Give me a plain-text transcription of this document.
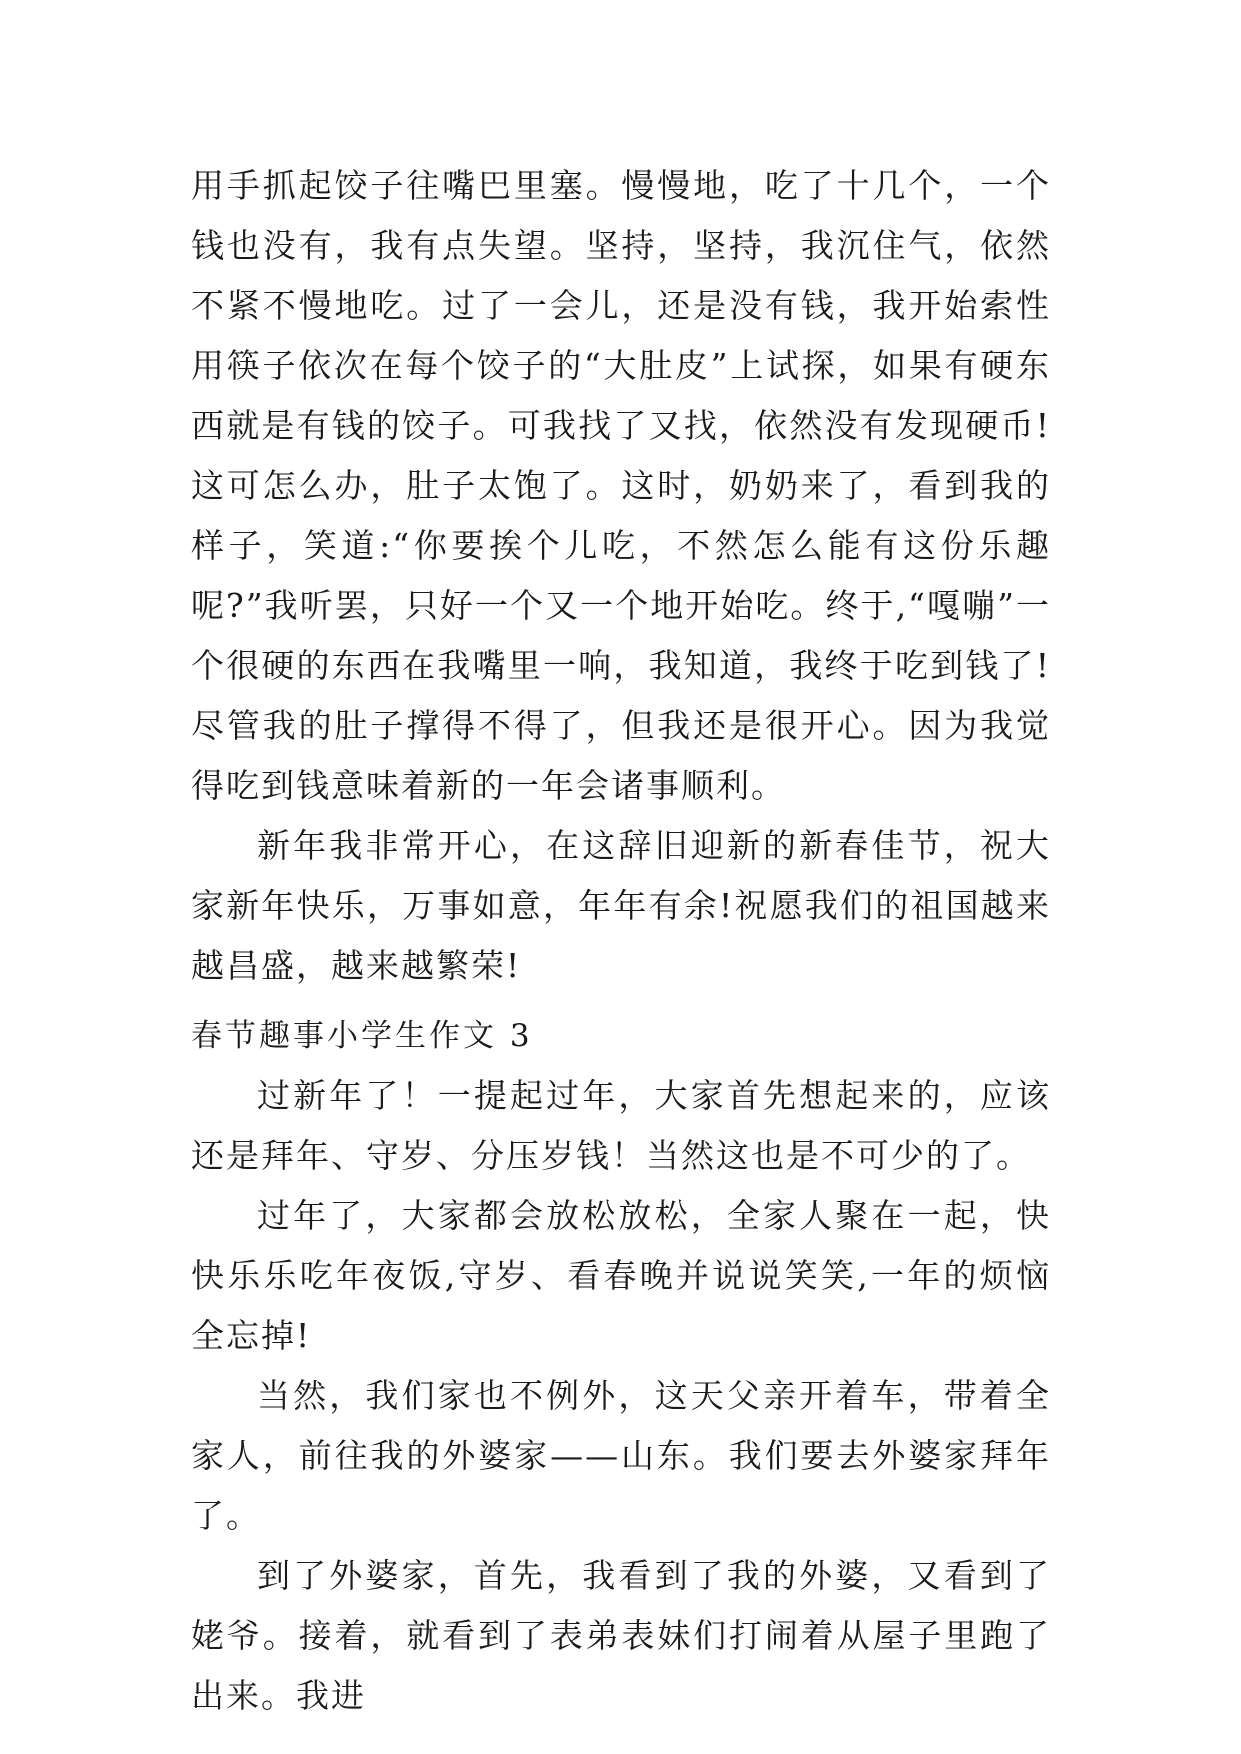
用手抓起饺子往嘴巴里塞。慢慢地，吃了十几个，一个钱也没有，我有点失望。坚持，坚持，我沉住气，依然不紧不慢地吃。过了一会儿，还是没有钱，我开始索性用筷子依次在每个饺子的“大肚皮”上试探，如果有硬东西就是有钱的饺子。可我找了又找，依然没有发现硬币!这可怎么办，肚子太饱了。这时，奶奶来了，看到我的样子，笑道:“你要挨个儿吃，不然怎么能有这份乐趣呢?”我听罢，只好一个又一个地开始吃。终于,“嘎嘣”一个很硬的东西在我嘴里一响，我知道，我终于吃到钱了!尽管我的肚子撑得不得了，但我还是很开心。因为我觉得吃到钱意味着新的一年会诸事顺利。

新年我非常开心，在这辞旧迎新的新春佳节，祝大家新年快乐，万事如意，年年有余!祝愿我们的祖国越来越昌盛，越来越繁荣!

春节趣事小学生作文 3

过新年了！一提起过年，大家首先想起来的，应该还是拜年、守岁、分压岁钱！当然这也是不可少的了。

过年了，大家都会放松放松，全家人聚在一起，快快乐乐吃年夜饭,守岁、看春晚并说说笑笑,一年的烦恼全忘掉!

当然，我们家也不例外，这天父亲开着车，带着全家人，前往我的外婆家——山东。我们要去外婆家拜年了。

到了外婆家，首先，我看到了我的外婆，又看到了姥爷。接着，就看到了表弟表妹们打闹着从屋子里跑了出来。我进
